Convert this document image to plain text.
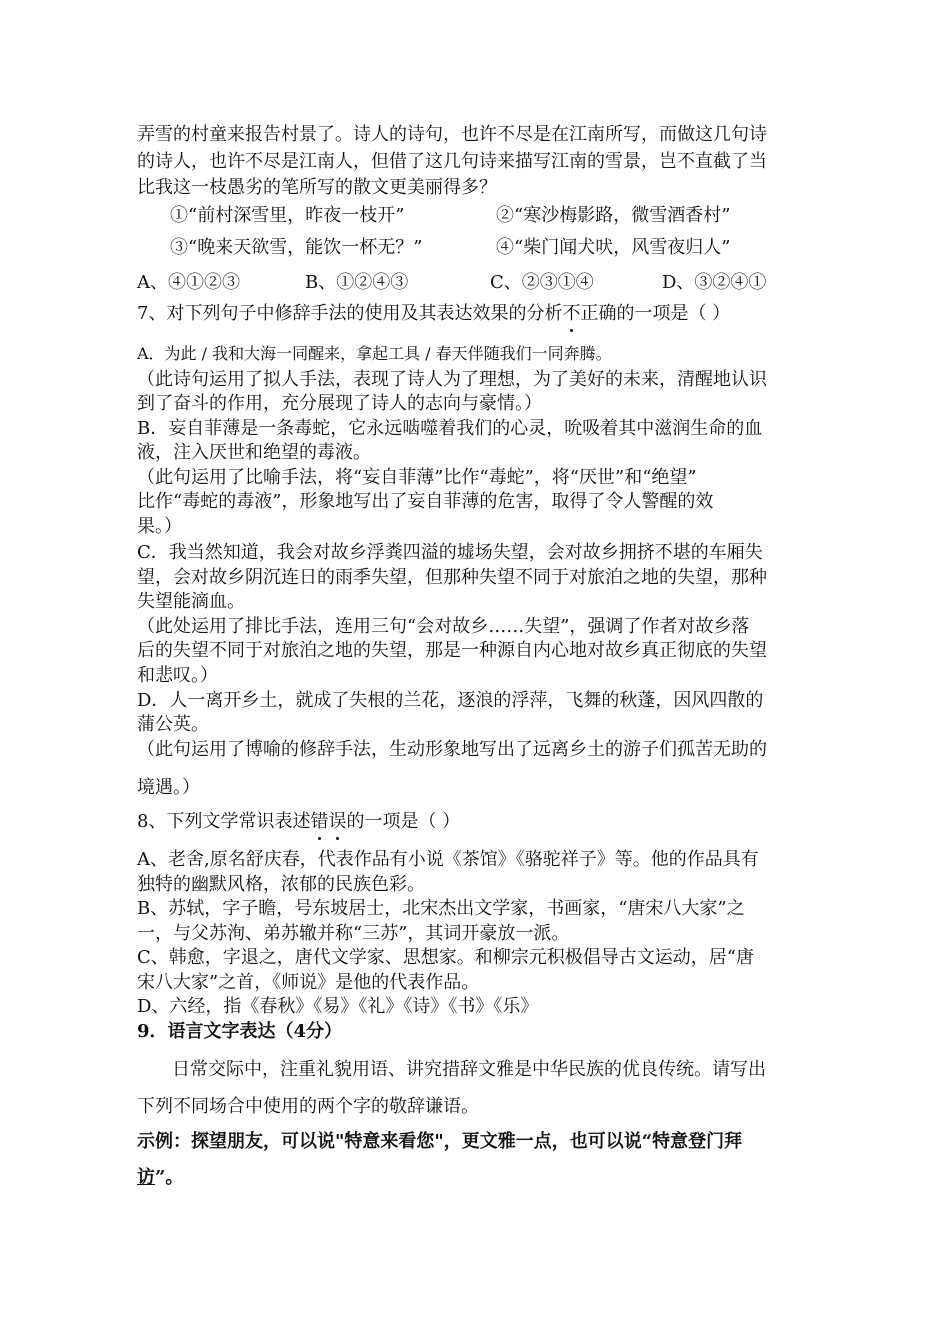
弄雪的村童来报告村景了。诗人的诗句，也许不尽是在江南所写，而做这几句诗
的诗人，也许不尽是江南人，但借了这几句诗来描写江南的雪景，岂不直截了当
比我这一枝愚劣的笔所写的散文更美丽得多？
①“前村深雪里，昨夜一枝开”	②“寒沙梅影路，微雪酒香村”
③“晚来天欲雪，能饮一杯无？”	④“柴门闻犬吠，风雪夜归人”
A、④①②③	B、①②④③	C、②③①④	D、③②④①
7、对下列句子中修辞手法的使用及其表达效果的分析不正确的一项是（ ）
A．为此 / 我和大海一同醒来，拿起工具 / 春天伴随我们一同奔腾。
（此诗句运用了拟人手法，表现了诗人为了理想，为了美好的未来，清醒地认识
到了奋斗的作用，充分展现了诗人的志向与豪情。）
B．妄自菲薄是一条毒蛇，它永远啮噬着我们的心灵，吮吸着其中滋润生命的血
液，注入厌世和绝望的毒液。
（此句运用了比喻手法，将“妄自菲薄”比作“毒蛇”，将“厌世”和“绝望”
比作“毒蛇的毒液”，形象地写出了妄自菲薄的危害，取得了令人警醒的效
果。）
C．我当然知道，我会对故乡浮粪四溢的墟场失望，会对故乡拥挤不堪的车厢失
望，会对故乡阴沉连日的雨季失望，但那种失望不同于对旅泊之地的失望，那种
失望能滴血。
（此处运用了排比手法，连用三句“会对故乡……失望”，强调了作者对故乡落
后的失望不同于对旅泊之地的失望，那是一种源自内心地对故乡真正彻底的失望
和悲叹。）
D．人一离开乡土，就成了失根的兰花，逐浪的浮萍，飞舞的秋蓬，因风四散的
蒲公英。
（此句运用了博喻的修辞手法，生动形象地写出了远离乡土的游子们孤苦无助的
境遇。）
8、下列文学常识表述错误的一项是（ ）
A、老舍,原名舒庆春，代表作品有小说《茶馆》《骆驼祥子》等。他的作品具有
独特的幽默风格，浓郁的民族色彩。
B、苏轼，字子瞻，号东坡居士，北宋杰出文学家，书画家，“唐宋八大家”之
一，与父苏洵、弟苏辙并称“三苏”，其词开豪放一派。
C、韩愈，字退之，唐代文学家、思想家。和柳宗元积极倡导古文运动，居“唐
宋八大家”之首，《师说》是他的代表作品。
D、六经，指《春秋》《易》《礼》《诗》《书》《乐》
9．语言文字表达（4分）
日常交际中，注重礼貌用语、讲究措辞文雅是中华民族的优良传统。请写出
下列不同场合中使用的两个字的敬辞谦语。
示例：探望朋友，可以说"特意来看您"，更文雅一点，也可以说“特意登门拜
访”。
